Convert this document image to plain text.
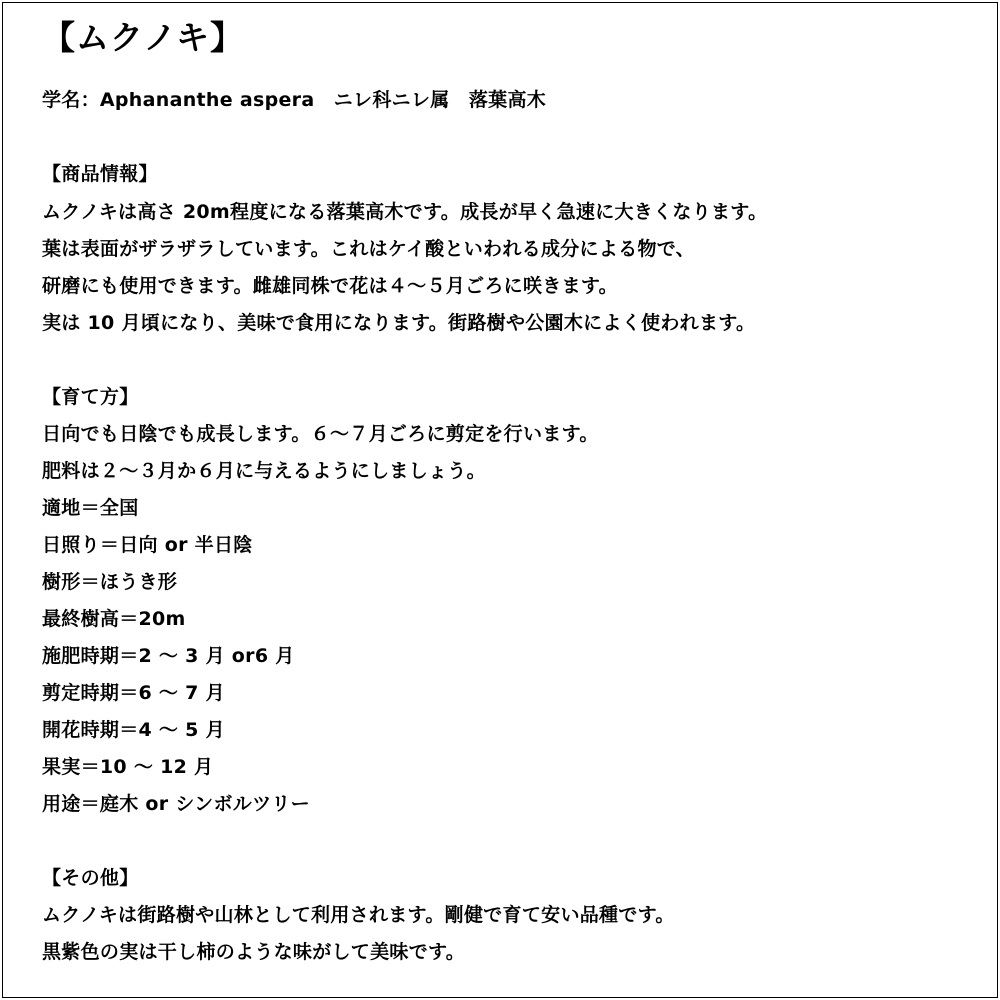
【ムクノキ】
学名：Aphananthe aspera　ニレ科ニレ属　落葉高木
【商品情報】
ムクノキは高さ 20m程度になる落葉高木です。成長が早く急速に大きくなります。
葉は表面がザラザラしています。これはケイ酸といわれる成分による物で、
研磨にも使用できます。雌雄同株で花は４～５月ごろに咲きます。
実は 10 月頃になり、美味で食用になります。街路樹や公園木によく使われます。
【育て方】
日向でも日陰でも成長します。６～７月ごろに剪定を行います。
肥料は２～３月か６月に与えるようにしましょう。
適地＝全国
日照り＝日向 or 半日陰
樹形＝ほうき形
最終樹高＝20m
施肥時期＝2 ～ 3 月 or6 月
剪定時期＝6 ～ 7 月
開花時期＝4 ～ 5 月
果実＝10 ～ 12 月
用途＝庭木 or シンボルツリー
【その他】
ムクノキは街路樹や山林として利用されます。剛健で育て安い品種です。
黒紫色の実は干し柿のような味がして美味です。
